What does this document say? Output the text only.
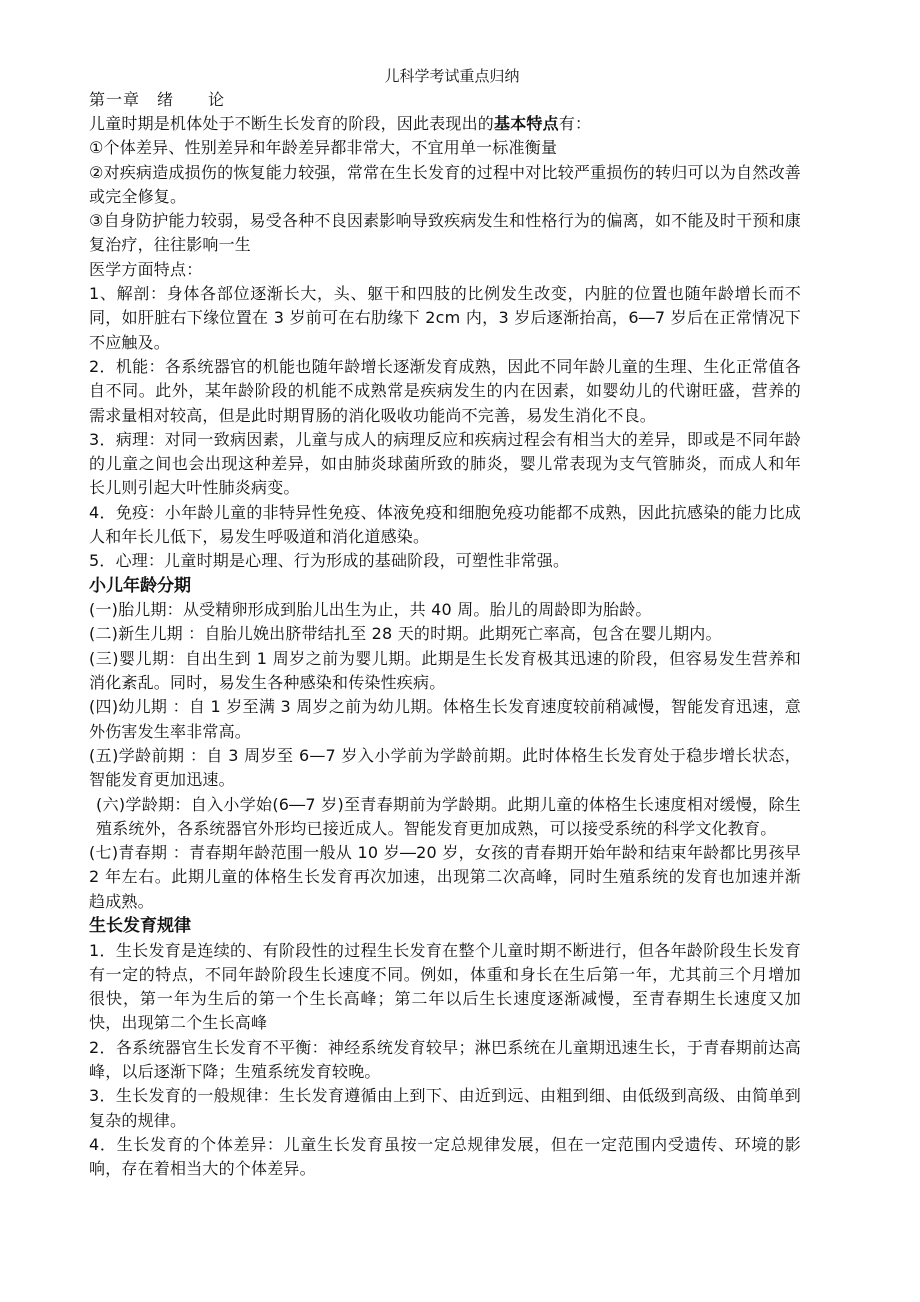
儿科学考试重点归纳
第一章　绪　　论

儿童时期是机体处于不断生长发育的阶段，因此表现出的基本特点有：

①个体差异、性别差异和年龄差异都非常大，不宜用单一标准衡量

②对疾病造成损伤的恢复能力较强，常常在生长发育的过程中对比较严重损伤的转归可以为自然改善或完全修复。

③自身防护能力较弱，易受各种不良因素影响导致疾病发生和性格行为的偏离，如不能及时干预和康复治疗，往往影响一生

医学方面特点：

1、解剖：身体各部位逐渐长大，头、躯干和四肢的比例发生改变，内脏的位置也随年龄增长而不同，如肝脏右下缘位置在 3 岁前可在右肋缘下 2cm 内，3 岁后逐渐抬高，6―7 岁后在正常情况下不应触及。

2．机能：各系统器官的机能也随年龄增长逐渐发育成熟，因此不同年龄儿童的生理、生化正常值各自不同。此外，某年龄阶段的机能不成熟常是疾病发生的内在因素，如婴幼儿的代谢旺盛，营养的需求量相对较高，但是此时期胃肠的消化吸收功能尚不完善，易发生消化不良。

3．病理：对同一致病因素，儿童与成人的病理反应和疾病过程会有相当大的差异，即或是不同年龄的儿童之间也会出现这种差异，如由肺炎球菌所致的肺炎，婴儿常表现为支气管肺炎，而成人和年长儿则引起大叶性肺炎病变。

4．免疫：小年龄儿童的非特异性免疫、体液免疫和细胞免疫功能都不成熟，因此抗感染的能力比成人和年长儿低下，易发生呼吸道和消化道感染。

5．心理：儿童时期是心理、行为形成的基础阶段，可塑性非常强。

小儿年龄分期

(一)胎儿期：从受精卵形成到胎儿出生为止，共 40 周。胎儿的周龄即为胎龄。

(二)新生儿期 ：自胎儿娩出脐带结扎至 28 天的时期。此期死亡率高，包含在婴儿期内。

(三)婴儿期：自出生到 1 周岁之前为婴儿期。此期是生长发育极其迅速的阶段，但容易发生营养和消化紊乱。同时，易发生各种感染和传染性疾病。

(四)幼儿期 ：自 1 岁至满 3 周岁之前为幼儿期。体格生长发育速度较前稍减慢，智能发育迅速，意外伤害发生率非常高。

(五)学龄前期 ：自 3 周岁至 6—7 岁入小学前为学龄前期。此时体格生长发育处于稳步增长状态，智能发育更加迅速。

(六)学龄期：自入小学始(6―7 岁)至青春期前为学龄期。此期儿童的体格生长速度相对缓慢，除生殖系统外，各系统器官外形均已接近成人。智能发育更加成熟，可以接受系统的科学文化教育。

(七)青春期 ：青春期年龄范围一般从 10 岁―20 岁，女孩的青春期开始年龄和结束年龄都比男孩早 2 年左右。此期儿童的体格生长发育再次加速，出现第二次高峰，同时生殖系统的发育也加速并渐趋成熟。

生长发育规律

1．生长发育是连续的、有阶段性的过程生长发育在整个儿童时期不断进行，但各年龄阶段生长发育有一定的特点，不同年龄阶段生长速度不同。例如，体重和身长在生后第一年，尤其前三个月增加很快，第一年为生后的第一个生长高峰；第二年以后生长速度逐渐减慢，至青春期生长速度又加快，出现第二个生长高峰

2．各系统器官生长发育不平衡：神经系统发育较早；淋巴系统在儿童期迅速生长，于青春期前达高峰，以后逐渐下降；生殖系统发育较晚。

3．生长发育的一般规律：生长发育遵循由上到下、由近到远、由粗到细、由低级到高级、由简单到复杂的规律。

4．生长发育的个体差异：儿童生长发育虽按一定总规律发展，但在一定范围内受遗传、环境的影响，存在着相当大的个体差异。
